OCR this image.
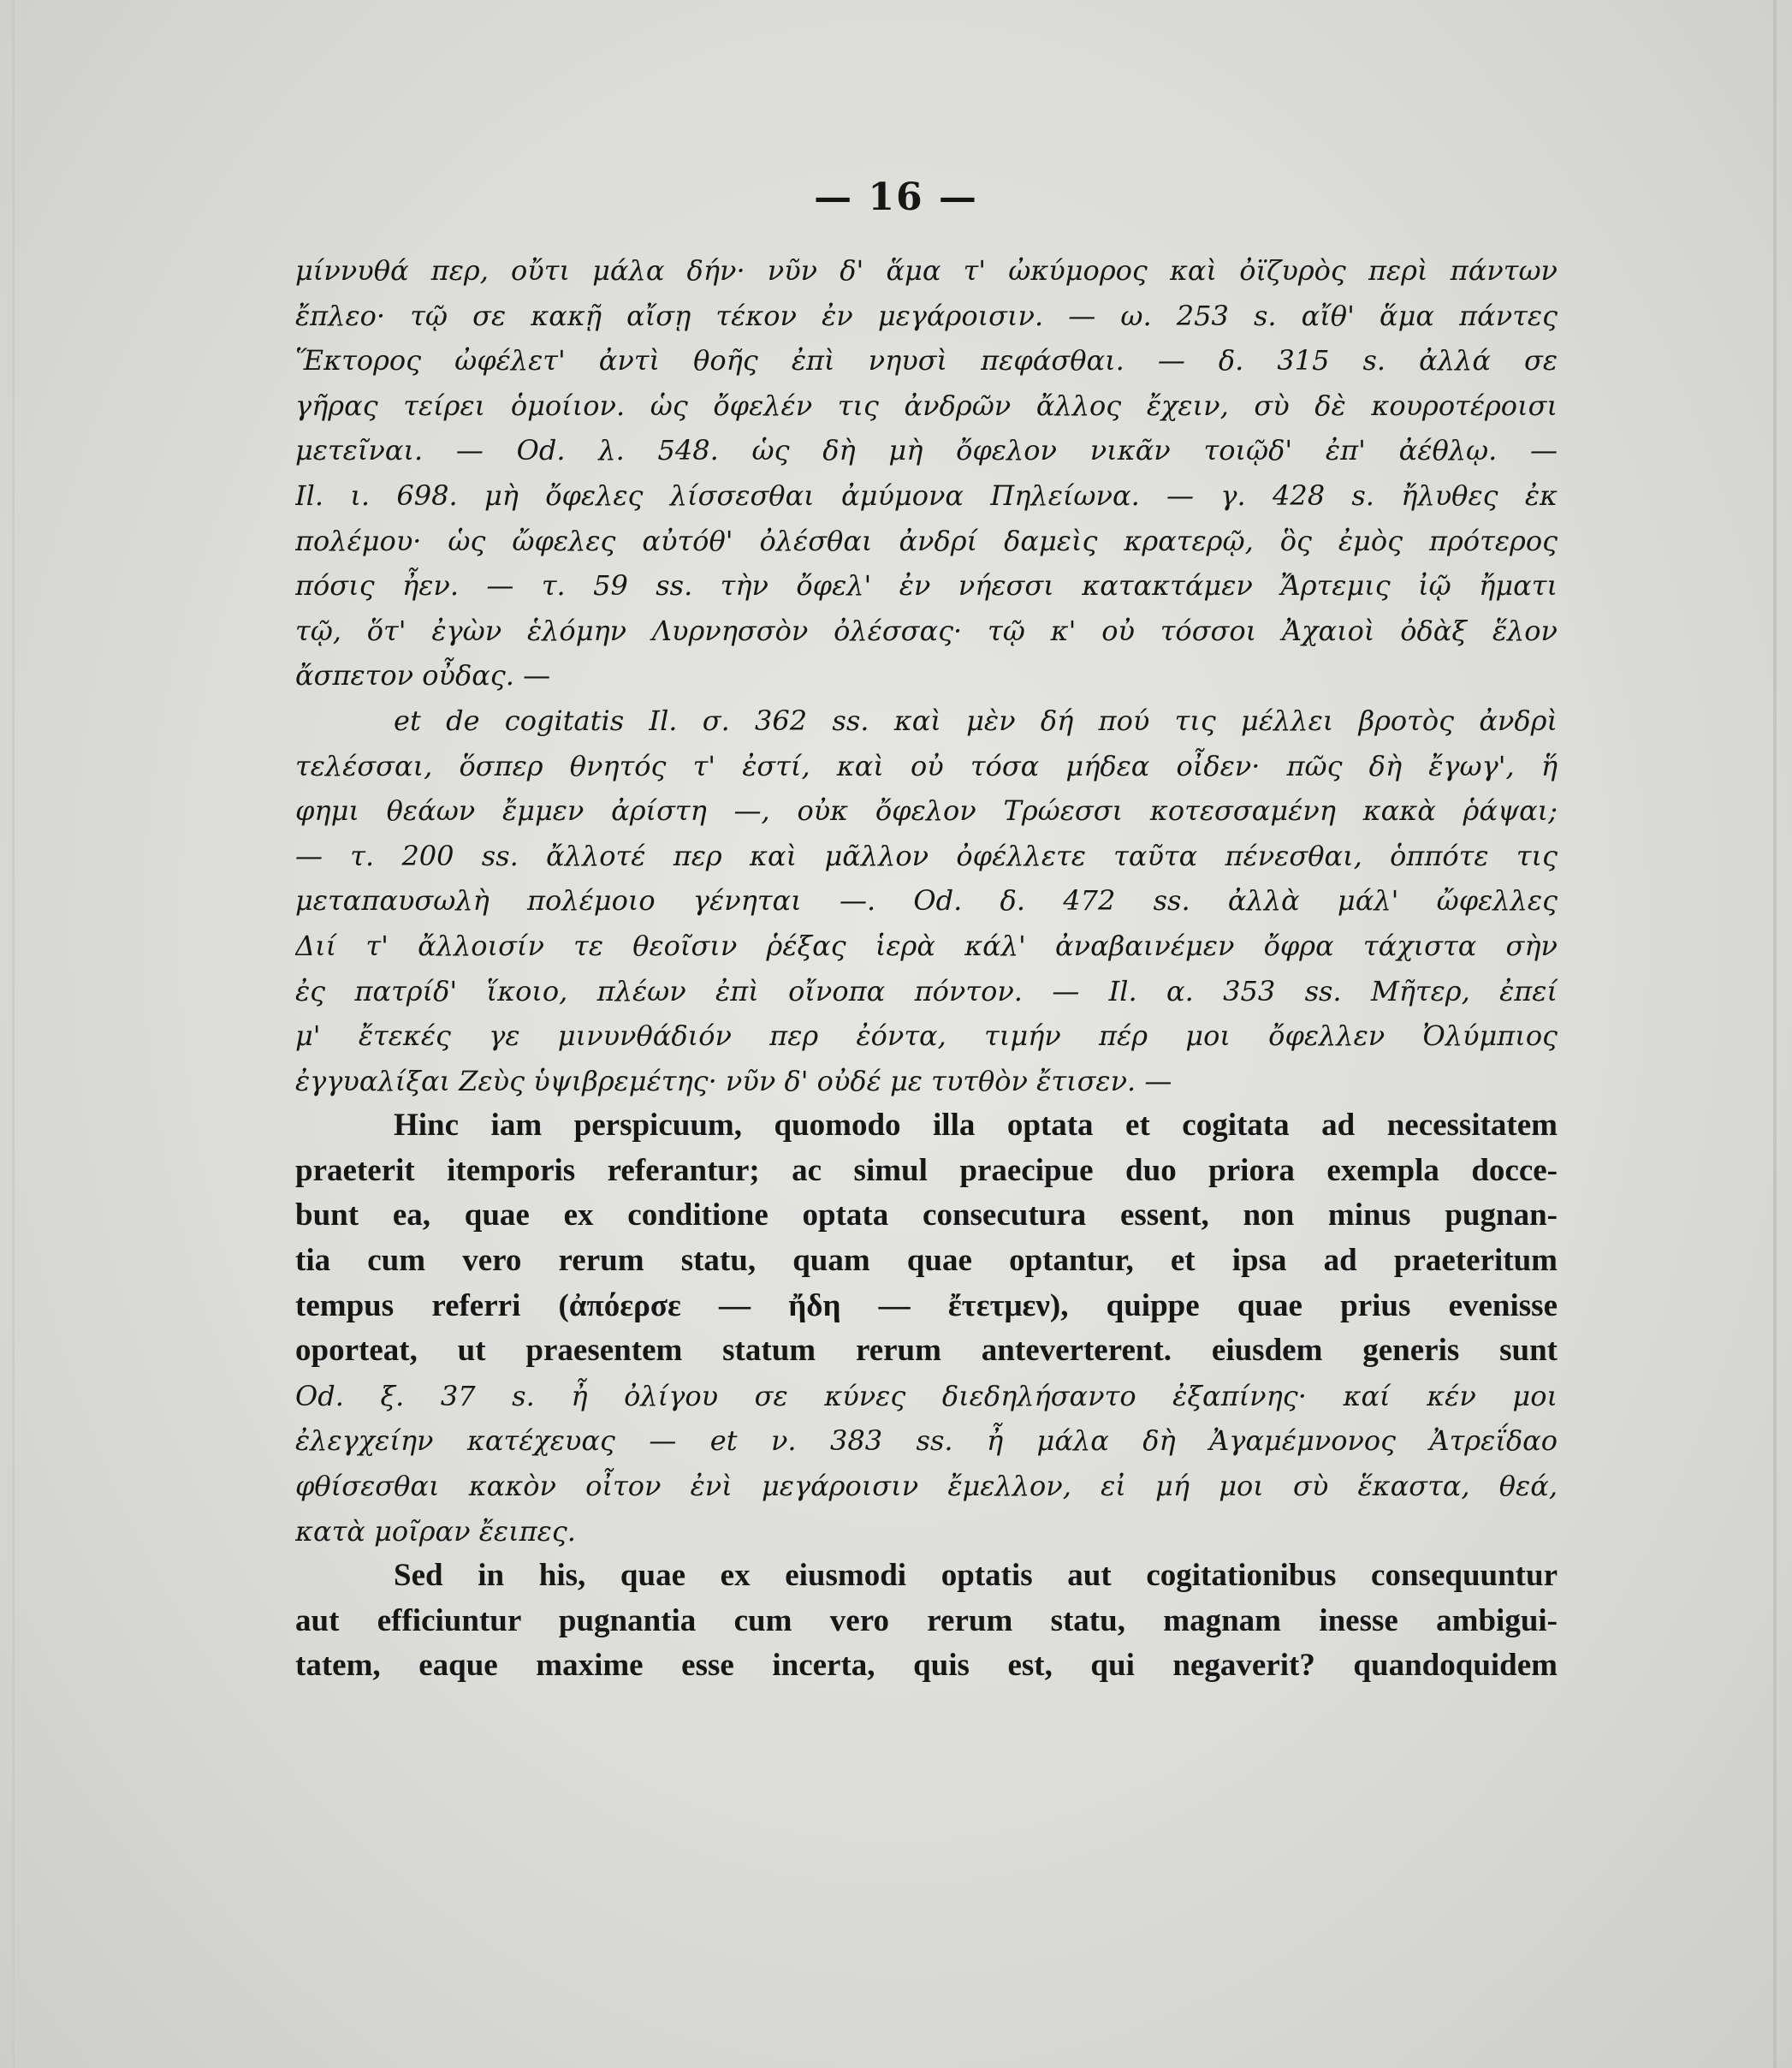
— 16 —
μίννυθά περ, οὔτι μάλα δήν· νῦν δ' ἅμα τ' ὠκύμορος καὶ ὀϊζυρὸς περὶ πάντων
ἔπλεο· τῷ σε κακῇ αἴσῃ τέκον ἐν μεγάροισιν. — ω. 253 s. αἴθ' ἅμα πάντες
Ἕκτορος ὠφέλετ' ἀντὶ θοῆς ἐπὶ νηυσὶ πεφάσθαι. — δ. 315 s. ἀλλά σε
γῆρας τείρει ὁμοίιον. ὡς ὄφελέν τις ἀνδρῶν ἄλλος ἔχειν, σὺ δὲ κουροτέροισι
μετεῖναι. — Od. λ. 548. ὡς δὴ μὴ ὄφελον νικᾶν τοιῷδ' ἐπ' ἀέθλῳ. —
Il. ι. 698. μὴ ὄφελες λίσσεσθαι ἀμύμονα Πηλείωνα. — γ. 428 s. ἤλυθες ἐκ
πολέμου· ὡς ὤφελες αὐτόθ' ὀλέσθαι ἀνδρί δαμεὶς κρατερῷ, ὃς ἐμὸς πρότερος
πόσις ἦεν. — τ. 59 ss. τὴν ὄφελ' ἐν νήεσσι κατακτάμεν Ἄρτεμις ἰῷ ἤματι
τῷ, ὅτ' ἐγὼν ἑλόμην Λυρνησσὸν ὀλέσσας· τῷ κ' οὐ τόσσοι Ἀχαιοὶ ὀδὰξ ἕλον
ἄσπετον οὖδας. —
et de cogitatis Il. σ. 362 ss. καὶ μὲν δή πού τις μέλλει βροτὸς ἀνδρὶ
τελέσσαι, ὅσπερ θνητός τ' ἐστί, καὶ οὐ τόσα μήδεα οἶδεν· πῶς δὴ ἔγωγ', ἥ
φημι θεάων ἔμμεν ἀρίστη —, οὐκ ὄφελον Τρώεσσι κοτεσσαμένη κακὰ ῥάψαι;
— τ. 200 ss. ἄλλοτέ περ καὶ μᾶλλον ὀφέλλετε ταῦτα πένεσθαι, ὁππότε τις
μεταπαυσωλὴ πολέμοιο γένηται —. Od. δ. 472 ss. ἀλλὰ μάλ' ὤφελλες
Διί τ' ἄλλοισίν τε θεοῖσιν ῥέξας ἱερὰ κάλ' ἀναβαινέμεν ὄφρα τάχιστα σὴν
ἐς πατρίδ' ἵκοιο, πλέων ἐπὶ οἴνοπα πόντον. — Il. α. 353 ss. Μῆτερ, ἐπεί
μ' ἔτεκές γε μινυνθάδιόν περ ἐόντα, τιμήν πέρ μοι ὄφελλεν Ὀλύμπιος
ἐγγυαλίξαι Ζεὺς ὑψιβρεμέτης· νῦν δ' οὐδέ με τυτθὸν ἔτισεν. —
Hinc iam perspicuum, quomodo illa optata et cogitata ad necessitatem
praeterit itemporis referantur; ac simul praecipue duo priora exempla docce-
bunt ea, quae ex conditione optata consecutura essent, non minus pugnan-
tia cum vero rerum statu, quam quae optantur, et ipsa ad praeteritum
tempus referri (ἀπόερσε — ἤδη — ἔτετμεν), quippe quae prius evenisse
oporteat, ut praesentem statum rerum anteverterent. eiusdem generis sunt
Od. ξ. 37 s. ἦ ὀλίγου σε κύνες διεδηλήσαντο ἐξαπίνης· καί κέν μοι
ἐλεγχείην κατέχευας — et ν. 383 ss. ἦ μάλα δὴ Ἀγαμέμνονος Ἀτρεΐδαο
φθίσεσθαι κακὸν οἶτον ἐνὶ μεγάροισιν ἔμελλον, εἰ μή μοι σὺ ἕκαστα, θεά,
κατὰ μοῖραν ἔειπες.
Sed in his, quae ex eiusmodi optatis aut cogitationibus consequuntur
aut efficiuntur pugnantia cum vero rerum statu, magnam inesse ambigui-
tatem, eaque maxime esse incerta, quis est, qui negaverit? quandoquidem
